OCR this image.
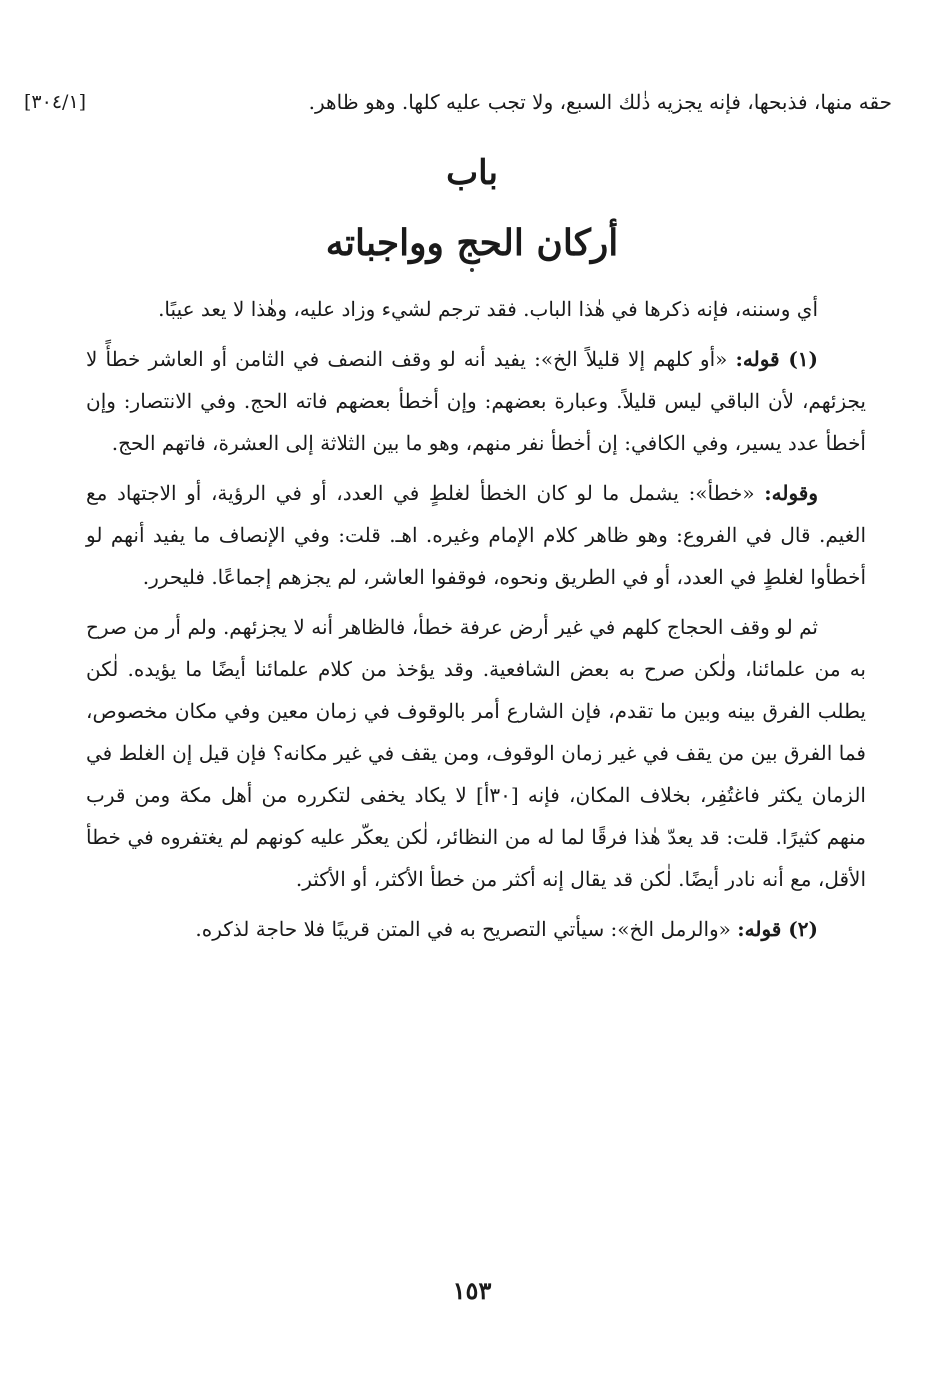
حقه منها، فذبحها، فإنه يجزيه ذٰلك السبع، ولا تجب عليه كلها. وهو ظاهر.
[٣٠٤/١]
باب
أركان الحج وواجباته

أي وسننه، فإنه ذكرها في هٰذا الباب. فقد ترجم لشيء وزاد عليه، وهٰذا لا يعد عيبًا.

(١) قوله: «أو كلهم إلا قليلاً الخ»: يفيد أنه لو وقف النصف في الثامن أو العاشر خطأً لا يجزئهم، لأن الباقي ليس قليلاً. وعبارة بعضهم: وإن أخطأ بعضهم فاته الحج. وفي الانتصار: وإن أخطأ عدد يسير، وفي الكافي: إن أخطأ نفر منهم، وهو ما بين الثلاثة إلى العشرة، فاتهم الحج.

وقوله: «خطأ»: يشمل ما لو كان الخطأ لغلطٍ في العدد، أو في الرؤية، أو الاجتهاد مع الغيم. قال في الفروع: وهو ظاهر كلام الإمام وغيره. اهـ. قلت: وفي الإنصاف ما يفيد أنهم لو أخطأوا لغلطٍ في العدد، أو في الطريق ونحوه، فوقفوا العاشر، لم يجزهم إجماعًا. فليحرر.

ثم لو وقف الحجاج كلهم في غير أرض عرفة خطأ، فالظاهر أنه لا يجزئهم. ولم أر من صرح به من علمائنا، ولٰكن صرح به بعض الشافعية. وقد يؤخذ من كلام علمائنا أيضًا ما يؤيده. لٰكن يطلب الفرق بينه وبين ما تقدم، فإن الشارع أمر بالوقوف في زمان معين وفي مكان مخصوص، فما الفرق بين من يقف في غير زمان الوقوف، ومن يقف في غير مكانه؟ فإن قيل إن الغلط في الزمان يكثر فاغتُفِر، بخلاف المكان، فإنه [٣٠أ] لا يكاد يخفى لتكرره من أهل مكة ومن قرب منهم كثيرًا. قلت: قد يعدّ هٰذا فرقًا لما له من النظائر، لٰكن يعكّر عليه كونهم لم يغتفروه في خطأ الأقل، مع أنه نادر أيضًا. لٰكن قد يقال إنه أكثر من خطأ الأكثر، أو الأكثر.

(٢) قوله: «والرمل الخ»: سيأتي التصريح به في المتن قريبًا فلا حاجة لذكره.

١٥٣
